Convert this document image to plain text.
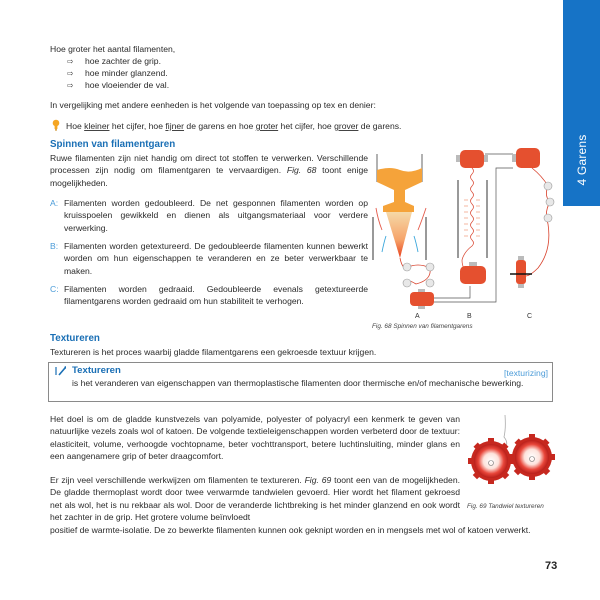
4 Garens
Hoe groter het aantal filamenten,
⇨ hoe zachter de grip.
⇨ hoe minder glanzend.
⇨ hoe vloeiender de val.
In vergelijking met andere eenheden is het volgende van toepassing op tex en denier:
Hoe kleiner het cijfer, hoe fijner de garens en hoe groter het cijfer, hoe grover de garens.
Spinnen van filamentgaren
Ruwe filamenten zijn niet handig om direct tot stoffen te verwerken. Verschillende processen zijn nodig om filamentgaren te vervaardigen. Fig. 68 toont enige mogelijkheden.
A: Filamenten worden gedoubleerd. De net gesponnen filamenten worden op kruisspoelen gewikkeld en dienen als uitgangsmateriaal voor verdere verwerking.
B: Filamenten worden getextureerd. De gedoubleerde filamenten kunnen bewerkt worden om hun eigenschappen te veranderen en ze beter verwerkbaar te maken.
C: Filamenten worden gedraaid. Gedoubleerde evenals getextureerde filamentgarens worden gedraaid om hun stabiliteit te verhogen.
A	B	C
Fig. 68 Spinnen van filamentgarens
Textureren
Textureren is het proces waarbij gladde filamentgarens een gekroesde textuur krijgen.
Textureren	[texturizing]
is het veranderen van eigenschappen van thermoplastische filamenten door thermische en/of mechanische bewerking.
Het doel is om de gladde kunstvezels van polyamide, polyester of polyacryl een kenmerk te geven van natuurlijke vezels zoals wol of katoen. De volgende textieleigenschappen worden verbeterd door de textuur: elasticiteit, volume, verhoogde vochtopname, beter vochttransport, betere luchtinsluiting, minder glans en een aangenamere grip of beter draagcomfort.
Er zijn veel verschillende werkwijzen om filamenten te textureren. Fig. 69 toont een van de mogelijkheden. De gladde thermoplast wordt door twee verwarmde tandwielen gevoerd. Hier wordt het filament gekroesd net als wol, het is nu rekbaar als wol. Door de veranderde lichtbreking is het minder glanzend en ook wordt het zachter in de grip. Het grotere volume beïnvloedt
positief de warmte-isolatie. De zo bewerkte filamenten kunnen ook geknipt worden en in mengsels met wol of katoen verwerkt.
Fig. 69 Tandwiel textureren
73
